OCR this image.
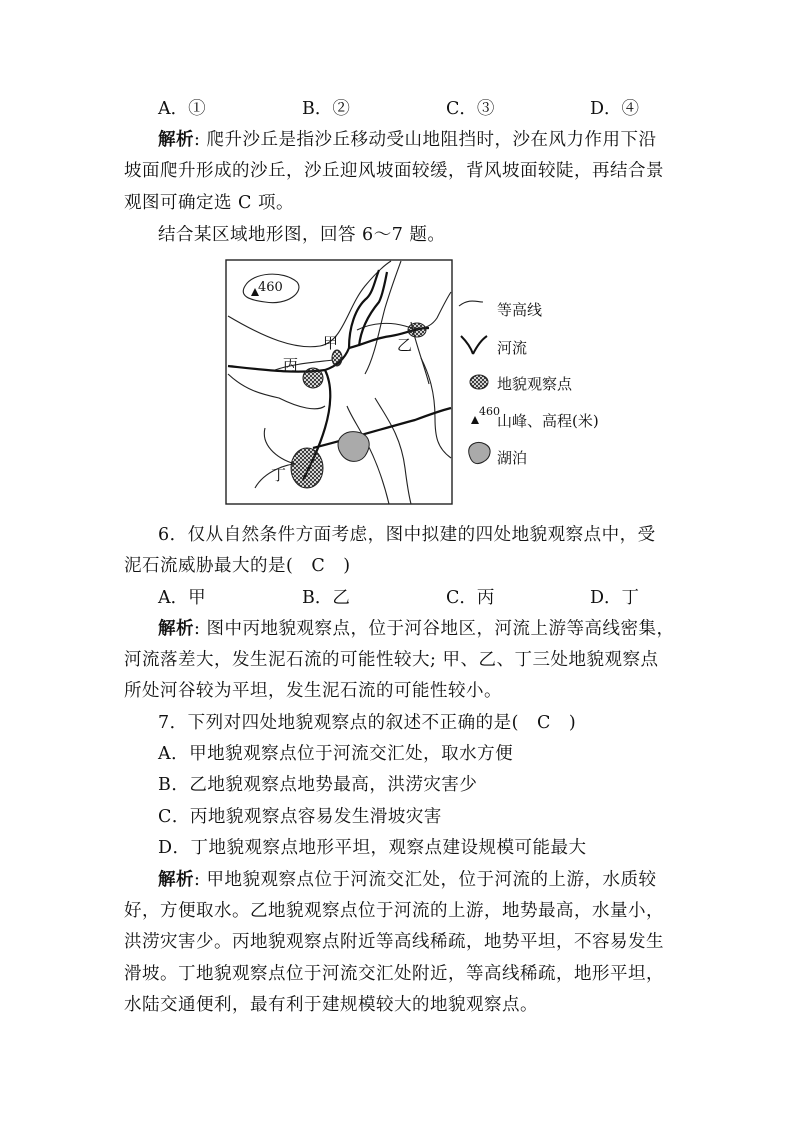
A．①	B．②	C．③	D．④
解析: 爬升沙丘是指沙丘移动受山地阻挡时，沙在风力作用下沿
坡面爬升形成的沙丘，沙丘迎风坡面较缓，背风坡面较陡，再结合景
观图可确定选 C 项。
结合某区域地形图，回答 6～7 题。
460
甲	乙
丙
丁
等高线
河流
地貌观察点
460
山峰、高程(米)
湖泊
6．仅从自然条件方面考虑，图中拟建的四处地貌观察点中，受
泥石流威胁最大的是(　C　)
A．甲	B．乙	C．丙	D．丁
解析: 图中丙地貌观察点，位于河谷地区，河流上游等高线密集，
河流落差大，发生泥石流的可能性较大; 甲、乙、丁三处地貌观察点
所处河谷较为平坦，发生泥石流的可能性较小。
7．下列对四处地貌观察点的叙述不正确的是(　C　)
A．甲地貌观察点位于河流交汇处，取水方便
B．乙地貌观察点地势最高，洪涝灾害少
C．丙地貌观察点容易发生滑坡灾害
D．丁地貌观察点地形平坦，观察点建设规模可能最大
解析: 甲地貌观察点位于河流交汇处，位于河流的上游，水质较
好，方便取水。乙地貌观察点位于河流的上游，地势最高，水量小，
洪涝灾害少。丙地貌观察点附近等高线稀疏，地势平坦，不容易发生
滑坡。丁地貌观察点位于河流交汇处附近，等高线稀疏，地形平坦，
水陆交通便利，最有利于建规模较大的地貌观察点。
